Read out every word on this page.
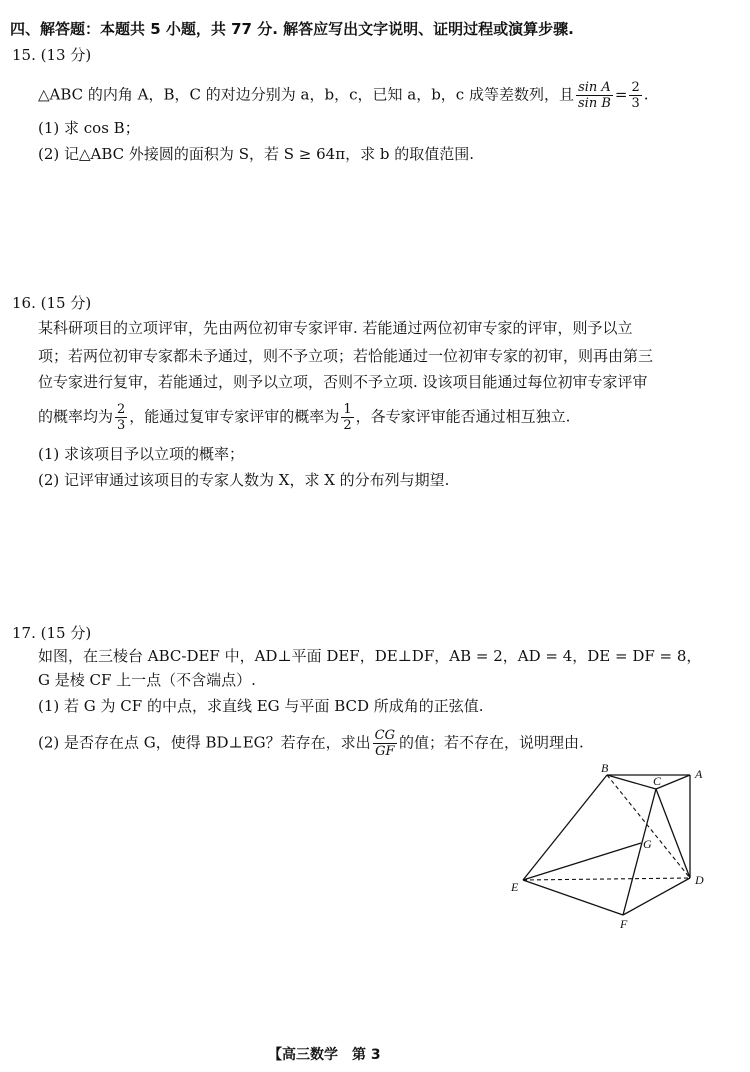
四、解答题：本题共 5 小题，共 77 分. 解答应写出文字说明、证明过程或演算步骤.
15. (13 分)
△ABC 的内角 A，B，C 的对边分别为 a，b，c，已知 a，b，c 成等差数列，且 $\frac{\text{sin A}}{\text{sin B}} = \frac{2}{3}$ .
(1) 求 cos B；
(2) 记△ABC 外接圆的面积为 S，若 S ≥ 64π，求 b 的取值范围.
16. (15 分)
某科研项目的立项评审，先由两位初审专家评审. 若能通过两位初审专家的评审，则予以立
项；若两位初审专家都未予通过，则不予立项；若恰能通过一位初审专家的初审，则再由第三
位专家进行复审，若能通过，则予以立项，否则不予立项. 设该项目能通过每位初审专家评审
的概率均为 $\frac{2}{3}$ ，能通过复审专家评审的概率为 $\frac{1}{2}$ ，各专家评审能否通过相互独立.
(1) 求该项目予以立项的概率；
(2) 记评审通过该项目的专家人数为 X，求 X 的分布列与期望.
17. (15 分)
如图，在三棱台 ABC-DEF 中，AD⊥平面 DEF，DE⊥DF，AB = 2，AD = 4，DE = DF = 8，
G 是棱 CF 上一点（不含端点）.
(1) 若 G 为 CF 的中点，求直线 EG 与平面 BCD 所成角的正弦值.
(2) 是否存在点 G，使得 BD⊥EG？若存在，求出 $\frac{CG}{GF}$ 的值；若不存在，说明理由.
B	A
C
G
E	D
F
【高三数学　第 3
